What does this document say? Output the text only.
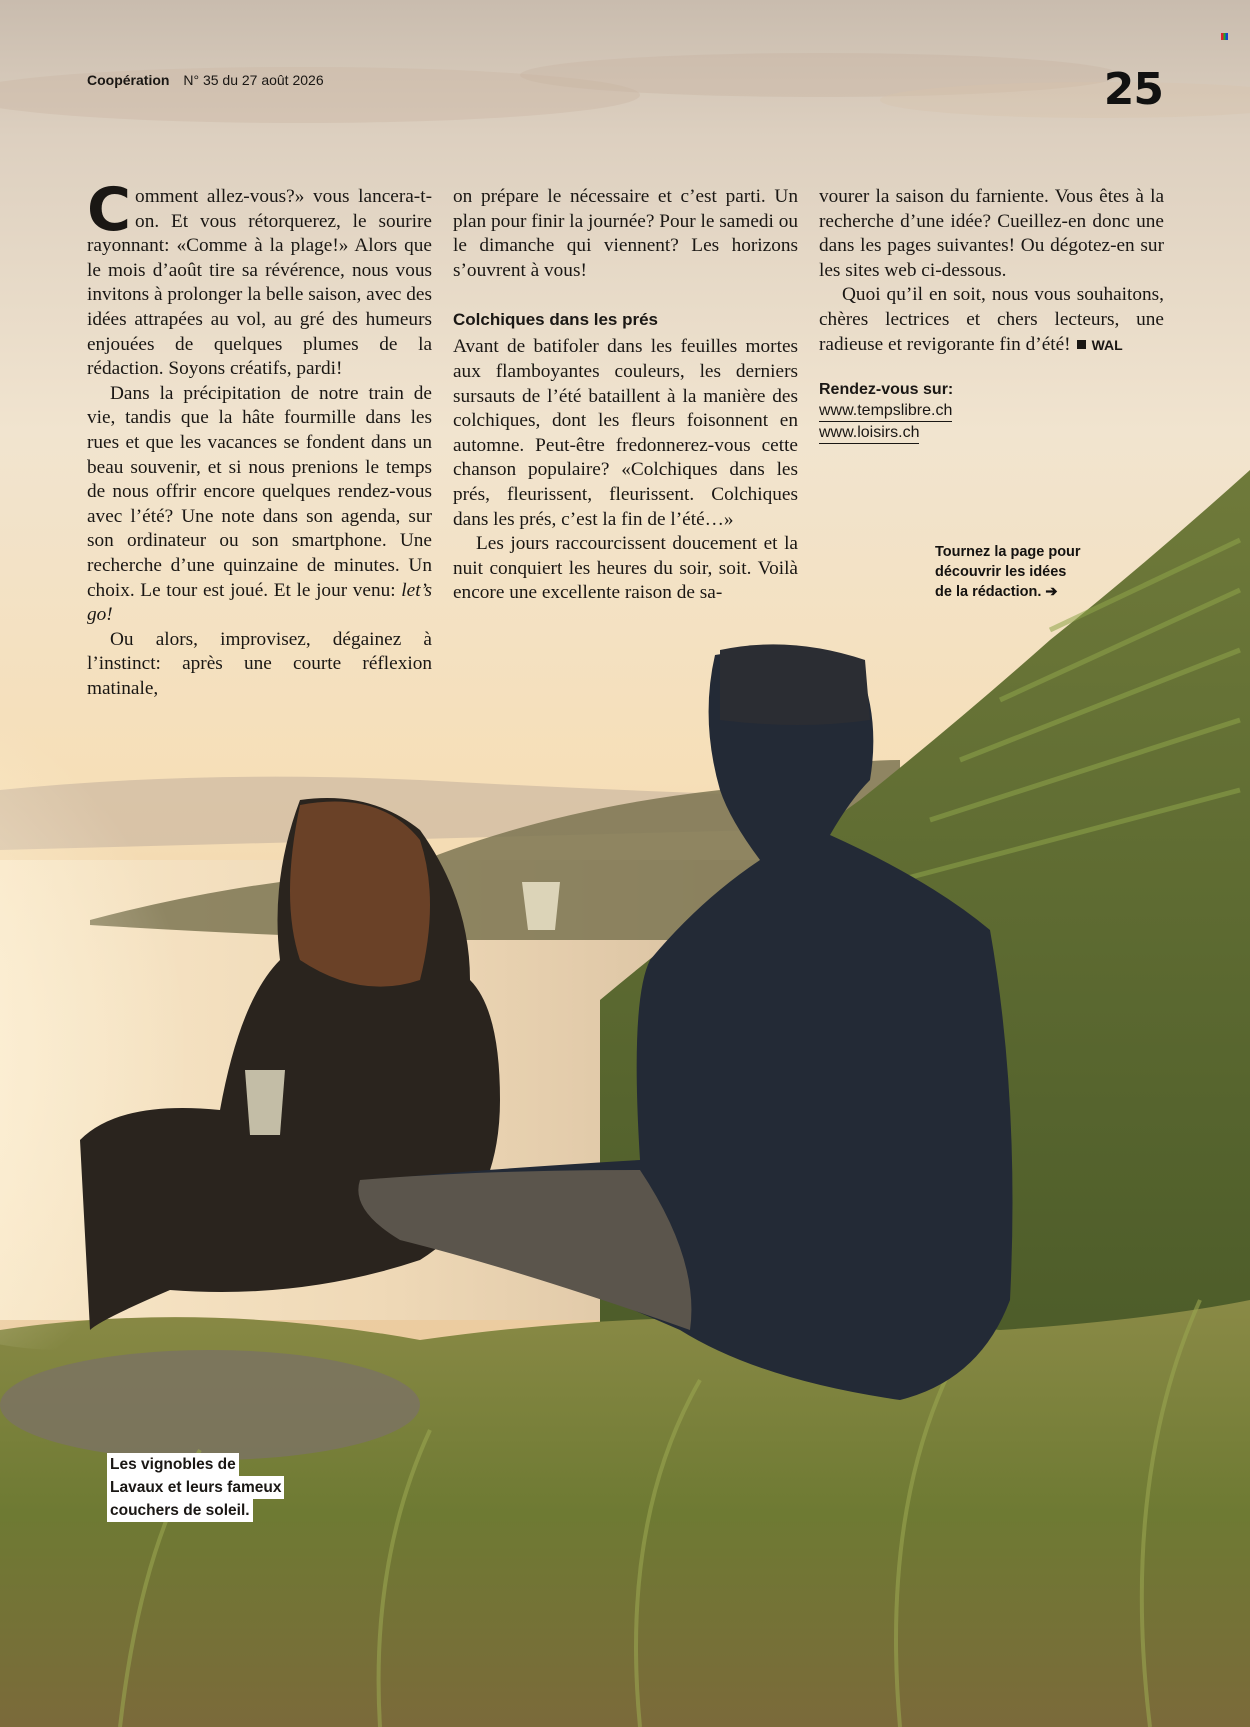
Coopération N° 35 du 27 août 2026	25

Comment allez-vous?» vous lancera-t-on. Et vous rétorquerez, le sourire rayonnant: «Comme à la plage!» Alors que le mois d’août tire sa révérence, nous vous invitons à prolonger la belle saison, avec des idées attrapées au vol, au gré des humeurs enjouées de quelques plumes de la rédaction. Soyons créatifs, pardi!

Dans la précipitation de notre train de vie, tandis que la hâte fourmille dans les rues et que les vacances se fondent dans un beau souvenir, et si nous prenions le temps de nous offrir encore quelques rendez-vous avec l’été? Une note dans son agenda, sur son ordinateur ou son smartphone. Une recherche d’une quinzaine de minutes. Un choix. Le tour est joué. Et le jour venu: let’s go!

Ou alors, improvisez, dégainez à l’instinct: après une courte réflexion matinale,

on prépare le nécessaire et c’est parti. Un plan pour finir la journée? Pour le samedi ou le dimanche qui viennent? Les horizons s’ouvrent à vous!

Colchiques dans les prés

Avant de batifoler dans les feuilles mortes aux flamboyantes couleurs, les derniers sursauts de l’été bataillent à la manière des colchiques, dont les fleurs foisonnent en automne. Peut-être fredonnerez-vous cette chanson populaire? «Colchiques dans les prés, fleurissent, fleurissent. Colchiques dans les prés, c’est la fin de l’été…»

Les jours raccourcissent doucement et la nuit conquiert les heures du soir, soit. Voilà encore une excellente raison de sa-

vourer la saison du farniente. Vous êtes à la recherche d’une idée? Cueillez-en donc une dans les pages suivantes! Ou dégotez-en sur les sites web ci-dessous.

Quoi qu’il en soit, nous vous souhaitons, chères lectrices et chers lecteurs, une radieuse et revigorante fin d’été! WAL

Rendez-vous sur:
www.tempslibre.ch
www.loisirs.ch
Tournez la page pour
découvrir les idées
de la rédaction. ➔
Les vignobles de
Lavaux et leurs fameux
couchers de soleil.
